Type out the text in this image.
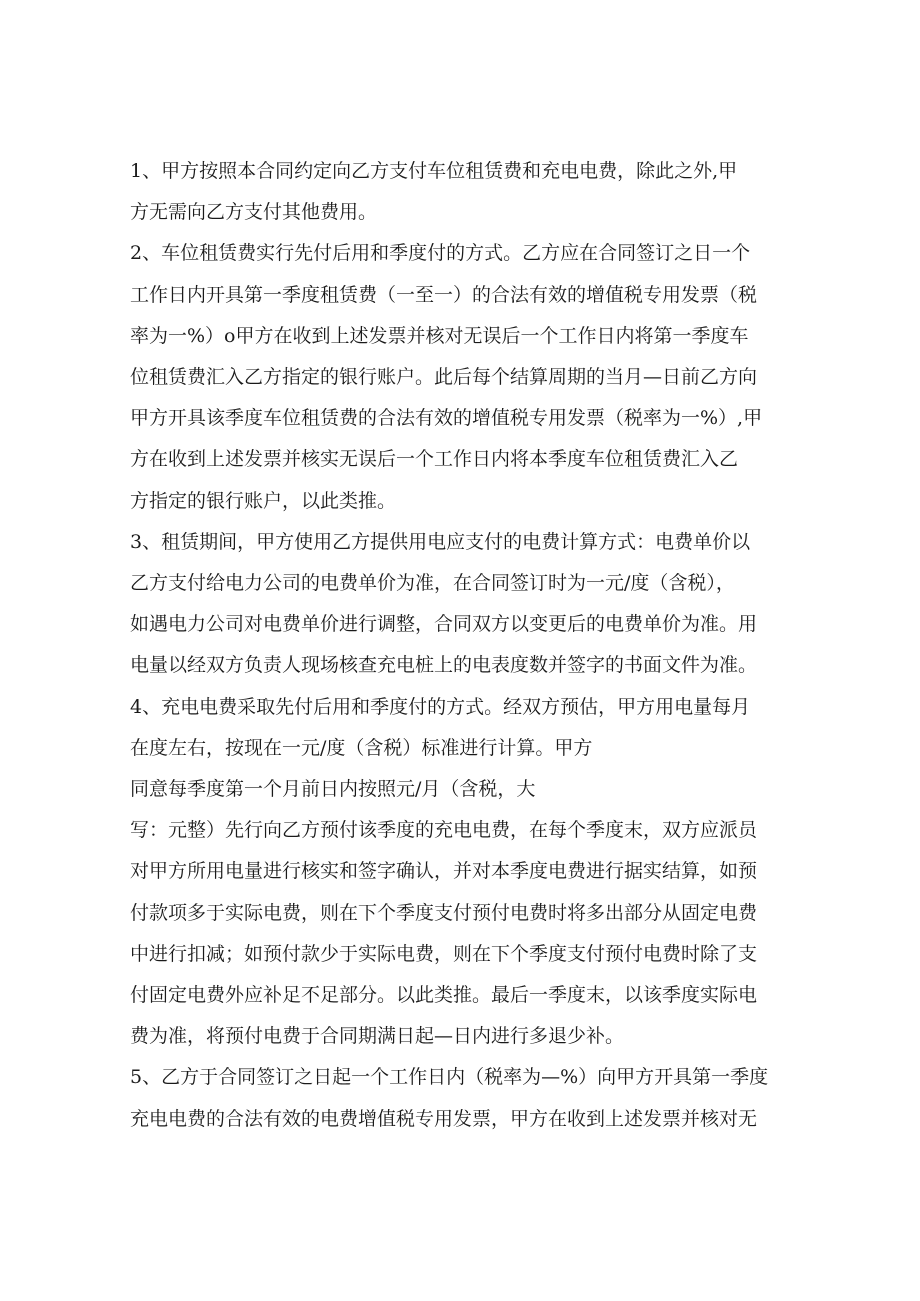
1、甲方按照本合同约定向乙方支付车位租赁费和充电电费，除此之外,甲
方无需向乙方支付其他费用。
2、车位租赁费实行先付后用和季度付的方式。乙方应在合同签订之日一个
工作日内开具第一季度租赁费（一至一）的合法有效的增值税专用发票（税
率为一%）o甲方在收到上述发票并核对无误后一个工作日内将第一季度车
位租赁费汇入乙方指定的银行账户。此后每个结算周期的当月—日前乙方向
甲方开具该季度车位租赁费的合法有效的增值税专用发票（税率为一%）,甲
方在收到上述发票并核实无误后一个工作日内将本季度车位租赁费汇入乙
方指定的银行账户，以此类推。
3、租赁期间，甲方使用乙方提供用电应支付的电费计算方式：电费单价以
乙方支付给电力公司的电费单价为准，在合同签订时为一元/度（含税），
如遇电力公司对电费单价进行调整，合同双方以变更后的电费单价为准。用
电量以经双方负责人现场核查充电桩上的电表度数并签字的书面文件为准。
4、充电电费采取先付后用和季度付的方式。经双方预估，甲方用电量每月
在度左右，按现在一元/度（含税）标准进行计算。甲方
同意每季度第一个月前日内按照元/月（含税，大
写：元整）先行向乙方预付该季度的充电电费，在每个季度末，双方应派员
对甲方所用电量进行核实和签字确认，并对本季度电费进行据实结算，如预
付款项多于实际电费，则在下个季度支付预付电费时将多出部分从固定电费
中进行扣减；如预付款少于实际电费，则在下个季度支付预付电费时除了支
付固定电费外应补足不足部分。以此类推。最后一季度末，以该季度实际电
费为准，将预付电费于合同期满日起—日内进行多退少补。
5、乙方于合同签订之日起一个工作日内（税率为—%）向甲方开具第一季度
充电电费的合法有效的电费增值税专用发票，甲方在收到上述发票并核对无
